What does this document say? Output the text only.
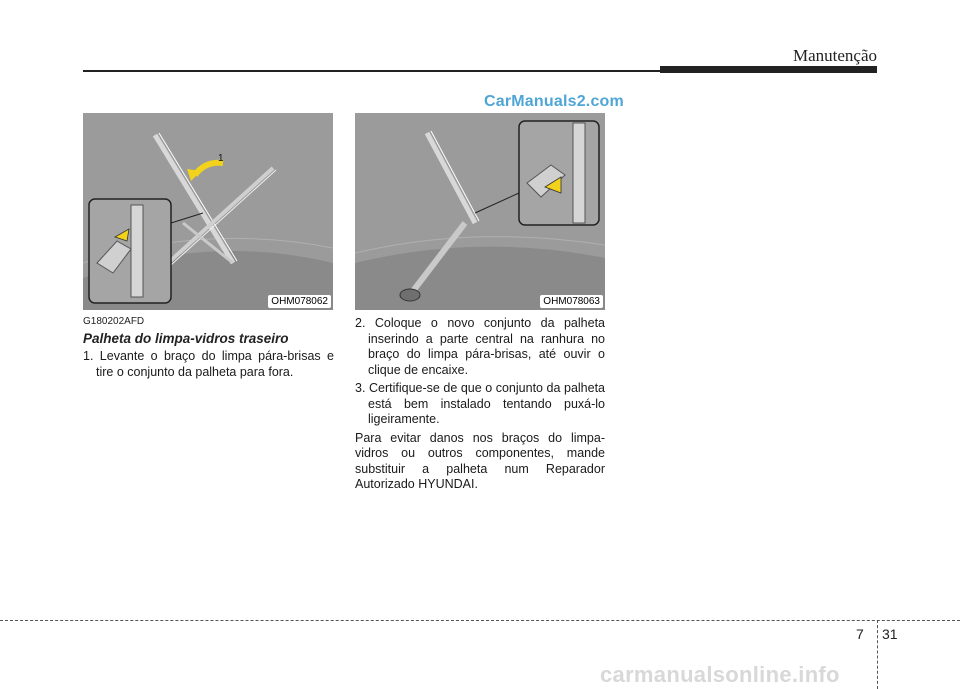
Manutenção
CarManuals2.com
1
OHM078062	OHM078063
G180202AFD
Palheta do limpa-vidros traseiro
1. Levante o braço do limpa pára-brisas e tire o conjunto da palheta para fora.
2. Coloque o novo conjunto da palheta inserindo a parte central na ranhura no braço do limpa pára-brisas, até ouvir o clique de encaixe.
3. Certifique-se de que o conjunto da palheta está bem instalado tentando puxá-lo ligeiramente.
Para evitar danos nos braços do limpa-vidros ou outros componentes, mande substituir a palheta num Reparador Autorizado HYUNDAI.
7 31
carmanualsonline.info
